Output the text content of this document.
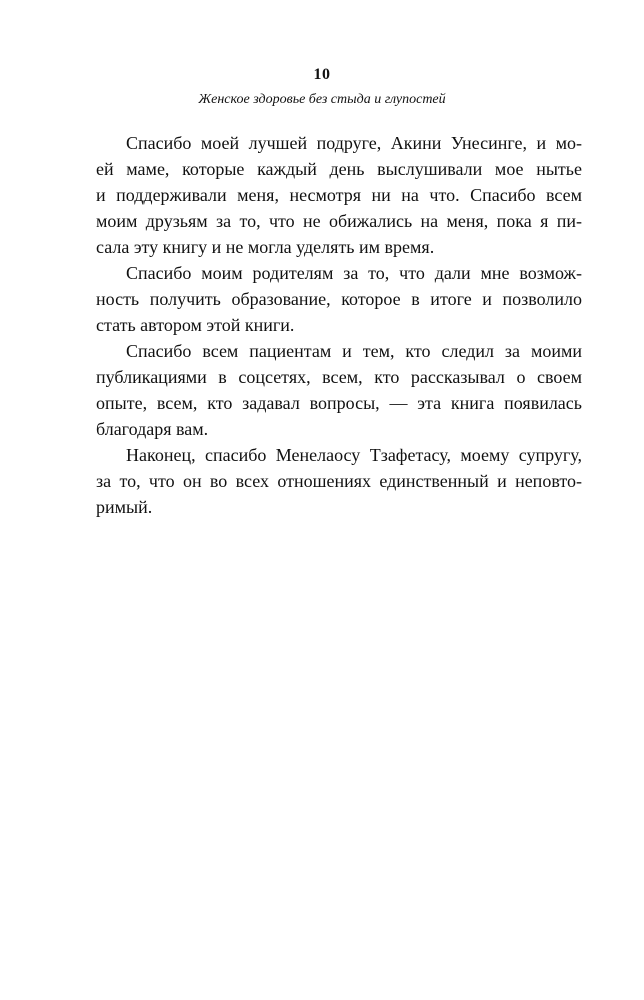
10
Женское здоровье без стыда и глупостей
Спасибо моей лучшей подруге, Акини Унесинге, и мо-
ей маме, которые каждый день выслушивали мое нытье
и поддерживали меня, несмотря ни на что. Спасибо всем
моим друзьям за то, что не обижались на меня, пока я пи-
сала эту книгу и не могла уделять им время.
Спасибо моим родителям за то, что дали мне возмож-
ность получить образование, которое в итоге и позволило
стать автором этой книги.
Спасибо всем пациентам и тем, кто следил за моими
публикациями в соцсетях, всем, кто рассказывал о своем
опыте, всем, кто задавал вопросы, — эта книга появилась
благодаря вам.
Наконец, спасибо Менелаосу Тзафетасу, моему супругу,
за то, что он во всех отношениях единственный и неповто-
римый.
